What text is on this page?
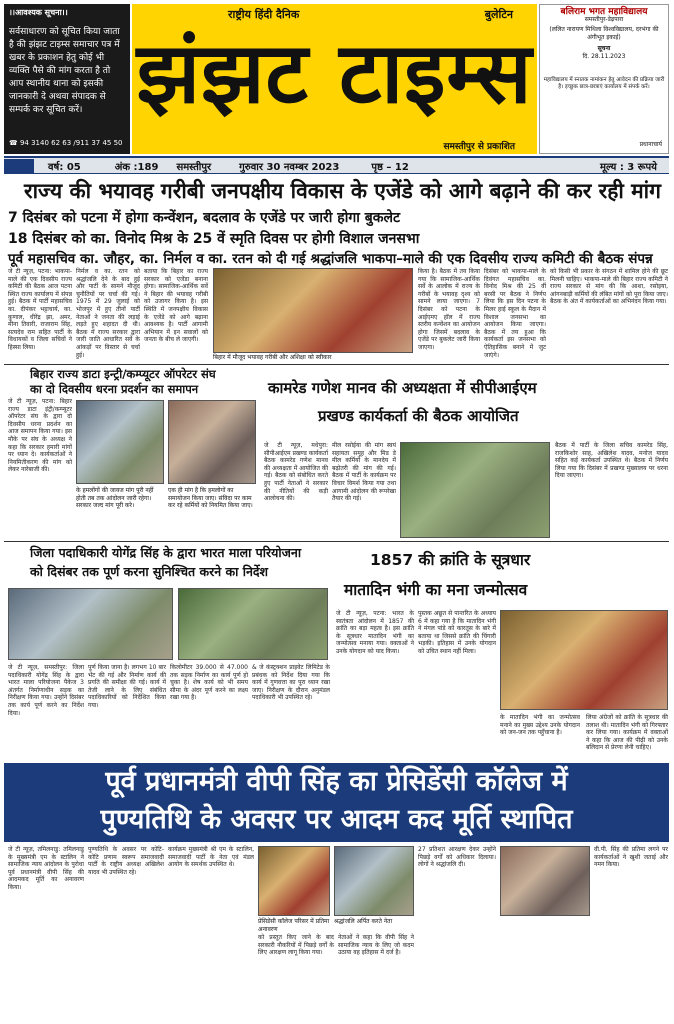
।।आवश्यक सूचना।।
सर्वसाधारण को सूचित किया जाता है की झंझट टाइम्स समाचार पत्र में खबर के प्रकाशन हेतु कोई भी व्यक्ति पैसे की मांग करता है तो आप स्थानीय थाना को इसकी जानकारी दे अथवा संपादक से सम्पर्क कर सूचित करें।
☎ 94 3140 62 63 /911 37 45 50
राष्ट्रीय हिंदी दैनिक	बुलेटिन
झंझट टाइम्स
समस्तीपुर से प्रकाशित
बलिराम भगत महाविद्यालय
समस्तीपुर-डेढ़पारा
(ललित नारायण मिथिला विश्वविद्यालय, दरभंगा की अंगीभूत इकाई)
सूचना
दि. 28.11.2023
महाविद्यालय में स्नातक नामांकन हेतु आवेदन की प्रक्रिया जारी है। इच्छुक छात्र-छात्राएं कार्यालय में संपर्क करें।
प्रधानाचार्य
वर्ष: 05	अंक :189 समस्तीपुर	गुरुवार 30 नवम्बर 2023	पृष्ठ – 12	मूल्य : 3 रूपये
राज्य की भयावह गरीबी जनपक्षीय विकास के एजेंडे को आगे बढ़ाने की कर रही मांग
7 दिसंबर को पटना में होगा कन्वेंशन, बदलाव के एजेंडे पर जारी होगा बुकलेट
18 दिसंबर को का. विनोद मिश्र के 25 वें स्मृति दिवस पर होगी विशाल जनसभा
पूर्व महासचिव का. जौहर, का. निर्मल व का. रतन को दी गई श्रद्धांजलि भाकपा–माले की एक दिवसीय राज्य कमिटी की बैठक संपन्न
जे टी न्यूज़, पटना: भाकपा-माले की एक दिवसीय राज्य कमिटी की बैठक आज पटना स्थित राज्य कार्यालय में संपन्न हुई। बैठक में पार्टी महासचिव का. दीपंकर भट्टाचार्य, का. कुणाल, धीरेंद्र झा, अमर, मीना तिवारी, राजाराम सिंह, सत्यदेव राम सहित पार्टी के विधायकों व जिला सचिवों ने हिस्सा लिया।
निर्मल व का. रतन को श्रद्धांजलि देने के बाद हुई और पार्टी के सामने मौजूद चुनौतियों पर चर्चा की गई। 1975 में 29 जुलाई को भोजपुर में हुए तीनों पार्टी नेताओं ने जनता की लड़ाई लड़ते हुए शहादत दी थी। बैठक में राज्य सरकार द्वारा जारी जाति आधारित सर्वे के आंकड़ों पर विस्तार से चर्चा हुई।
बताया कि बिहार का राज्य सरकार को एजेंडा बनाना होगा। सामाजिक-आर्थिक सर्वे ने बिहार की भयावह गरीबी को उजागर किया है। इस स्थिति में जनपक्षीय विकास के एजेंडे को आगे बढ़ाना आवश्यक है। पार्टी आगामी अभियान में इन सवालों को जनता के बीच ले जाएगी।
बिहार में मौजूद भयावह गरीबी और अशिक्षा को स्वीकार
किया है। बैठक में तय किया गया कि सामाजिक-आर्थिक सर्वे के आलोक में राज्य के गरीबों के भयावह दृश्य को सामने लाया जाएगा। 7 दिसंबर को पटना के आईएमए हॉल में राज्य स्तरीय कन्वेंशन का आयोजन होगा जिसमें बदलाव के एजेंडे पर बुकलेट जारी किया जाएगा।
दिसंबर को भाकपा-माले के दिवंगत महासचिव का. विनोद मिश्र की 25 वीं बरसी पर बैठक ने निर्णय लिया कि इस दिन पटना के मिलर हाई स्कूल के मैदान में विशाल जनसभा का आयोजन किया जाएगा। बैठक में तय हुआ कि कार्यकर्ता इस जनसभा को ऐतिहासिक बनाने में जुट जाएंगे।
को किसी भी प्रकार के संगठन में शामिल होने की छूट मिलनी चाहिए। भाकपा-माले की बिहार राज्य कमिटी ने राज्य सरकार से मांग की कि आशा, रसोइया, आंगनबाड़ी कर्मियों की लंबित मांगों को पूरा किया जाए। बैठक के अंत में कार्यकर्ताओं का अभिनंदन किया गया।
बिहार राज्य डाटा इन्ट्री/कम्प्यूटर ऑपरेटर संघ
का दो दिवसीय धरना प्रदर्शन का समापन
जे टी न्यूज़, पटना: बिहार राज्य डाटा इंट्री/कम्प्यूटर ऑपरेटर संघ के द्वारा दो दिवसीय धरना प्रदर्शन का आज समापन किया गया। इस मौके पर संघ के अध्यक्ष ने कहा कि सरकार हमारी मांगों पर ध्यान दे। कार्यकर्ताओं ने नियमितीकरण की मांग को लेकर नारेबाजी की।
के हमलोंगों की जायज मांग पूरी नहीं होती तब तक आंदोलन जारी रहेगा। सरकार जल्द मांग पूरी करे।
एक ही मांग है कि हमलोगों का समायोजन किया जाए। संविदा पर काम कर रहे कर्मियों को नियमित किया जाए।
कामरेड गणेश मानव की अध्यक्षता में सीपीआईएम
प्रखण्ड कार्यकर्ता की बैठक आयोजित
जे टी न्यूज़, मधेपुरा: सीपीआईएम प्रखण्ड कार्यकर्ता बैठक कामरेड गणेश मानव की अध्यक्षता में आयोजित की गई। बैठक को संबोधित करते हुए पार्टी नेताओं ने सरकार की नीतियों की कड़ी आलोचना की।
मील रसोईया की मांग स्वयं सहायता समूह और मिड डे मील कर्मियों के मानदेय में बढ़ोतरी की मांग की गई। बैठक में पार्टी के कार्यक्रम पर विचार विमर्श किया गया तथा आगामी आंदोलन की रूपरेखा तैयार की गई।
बैठक में पार्टी के जिला सचिव कामरेड सिंह, राजकिशोर साह, अखिलेश यादव, मनोज यादव सहित कई कार्यकर्ता उपस्थित थे। बैठक में निर्णय लिया गया कि दिसंबर में प्रखण्ड मुख्यालय पर धरना दिया जाएगा।
जिला पदाधिकारी योगेंद्र सिंह के द्वारा भारत माला परियोजना
को दिसंबर तक पूर्ण करना सुनिश्चित करने का निर्देश
जे टी न्यूज़, समस्तीपुर: जिला पदाधिकारी योगेंद्र सिंह के द्वारा भारत माला परियोजना पैकेज 3 अंतर्गत निर्माणाधीन सड़क का निरीक्षण किया गया। उन्होंने दिसंबर तक कार्य पूर्ण करने का निर्देश दिया।
पूर्ण किया जाना है। लगभग 10 बार भेंट की गई और निर्माण कार्य की प्रगति की समीक्षा की गई। कार्य में तेजी लाने के लिए संबंधित पदाधिकारियों को निर्देशित किया गया।
किलोमीटर 39.000 से 47.000 तक सड़क निर्माण का कार्य पूर्ण हो चुका है। शेष कार्य को भी समय सीमा के अंदर पूर्ण करने का लक्ष्य रखा गया है।
& जे कंस्ट्रक्शन प्राइवेट लिमिटेड के प्रबंधक को निर्देश दिया गया कि कार्य में गुणवत्ता का पूरा ध्यान रखा जाए। निरीक्षण के दौरान अनुमंडल पदाधिकारी भी उपस्थित रहे।
1857 की क्रांति के सूत्रधार
मातादिन भंगी का मना जन्मोत्सव
जे टी न्यूज़, पटना: भारत के स्वतंत्रता आंदोलन में 1857 की क्रांति का बड़ा महत्व है। इस क्रांति के सूत्रधार मातादिन भंगी का जन्मोत्सव मनाया गया। वक्ताओं ने उनके योगदान को याद किया।
पुस्तक अछूत से पान्तरित के अध्याय 6 में कहा गया है कि मातादिन भंगी ने मंगल पांडे को कारतूस के बारे में बताया था जिससे क्रांति की चिंगारी भड़की। इतिहास में उनके योगदान को उचित स्थान नहीं मिला।
के मातादिन भंगी का जन्मोत्सव मनाने का मुख्य उद्देश्य उनके योगदान को जन-जन तक पहुँचाना है।
लिया अंग्रेजों को क्रांति के सूत्रधार की तलाश थी। मातादिन भंगी को गिरफ्तार कर लिया गया। कार्यक्रम में वक्ताओं ने कहा कि आज की पीढ़ी को उनके बलिदान से प्रेरणा लेनी चाहिए।
पूर्व प्रधानमंत्री वीपी सिंह का प्रेसिडेंसी कॉलेज में
पुण्यतिथि के अवसर पर आदम कद मूर्ति स्थापित
जे टी न्यूज़, तमिलनाडु: तमिलनाडु के मुख्यमंत्री एम के स्टालिन ने सामाजिक न्याय आंदोलन के पुरोधा पूर्व प्रधानमंत्री वीपी सिंह की आदमकद मूर्ति का अनावरण किया।
पुण्यतिथि के अवसर पर कोटि-कोटि प्रणाम स्वरूप समाजवादी पार्टी के राष्ट्रीय अध्यक्ष अखिलेश यादव भी उपस्थित रहे।
कार्यक्रम मुख्यमंत्री श्री एम के स्टालिन, समाजवादी पार्टी के नेता एवं मंडल आयोग के समर्थक उपस्थित थे।
प्रेसिडेंसी कॉलेज परिसर में प्रतिमा अनावरण
श्रद्धांजलि अर्पित करते नेता
को प्रस्तुत किए जाने के बाद सरकारी नौकरियों में पिछड़े वर्गों के लिए आरक्षण लागू किया गया।
नेताओं ने कहा कि वीपी सिंह ने सामाजिक न्याय के लिए जो कदम उठाया वह इतिहास में दर्ज है।
27 प्रतिशत आरक्षण देकर उन्होंने पिछड़े वर्गों को अधिकार दिलाया। लोगों ने श्रद्धांजलि दी।
वी.पी. सिंह की प्रतिमा लगने पर कार्यकर्ताओं ने खुशी जताई और नमन किया।
